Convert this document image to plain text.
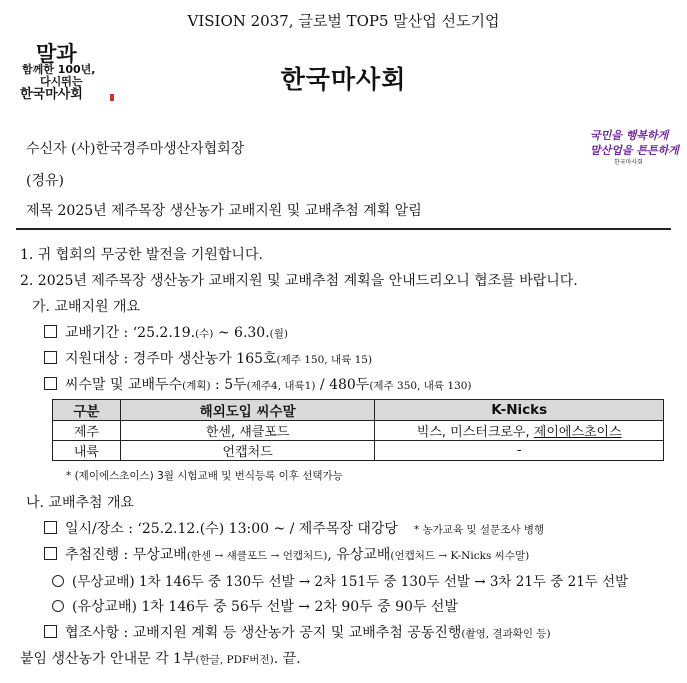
VISION 2037, 글로벌 TOP5 말산업 선도기업
말과
함께한 100년,
다시뛰는
한국마사회
한국마사회
국민을 행복하게
말산업을 튼튼하게
한국마사회
수신자 (사)한국경주마생산자협회장
(경유)
제목 2025년 제주목장 생산농가 교배지원 및 교배추첨 계획 알림
1. 귀 협회의 무궁한 발전을 기원합니다.
2. 2025년 제주목장 생산농가 교배지원 및 교배추첨 계획을 안내드리오니 협조를 바랍니다.
가. 교배지원 개요
교배기간 : ‘25.2.19.(수) ~ 6.30.(월)
지원대상 : 경주마 생산농가 165호(제주 150, 내륙 15)
씨수말 및 교배두수(계획) : 5두(제주4, 내륙1) / 480두(제주 350, 내륙 130)
구분	해외도입 씨수말	K-Nicks
제주	한센, 섀클포드	빅스, 미스터크로우, 제이에스초이스
내륙	언캡처드	-
* (제이에스초이스) 3월 시험교배 및 번식등록 이후 선택가능
나. 교배추첨 개요
일시/장소 : ‘25.2.12.(수) 13:00 ~ / 제주목장 대강당 * 농가교육 및 설문조사 병행
추첨진행 : 무상교배(한센 → 섀클포드 → 언캡처드), 유상교배(언캡처드 → K-Nicks 씨수말)
(무상교배) 1차 146두 중 130두 선발 → 2차 151두 중 130두 선발 → 3차 21두 중 21두 선발
(유상교배) 1차 146두 중 56두 선발 → 2차 90두 중 90두 선발
협조사항 : 교배지원 계획 등 생산농가 공지 및 교배추첨 공동진행(촬영, 결과확인 등)
붙임 생산농가 안내문 각 1부(한글, PDF버전). 끝.
